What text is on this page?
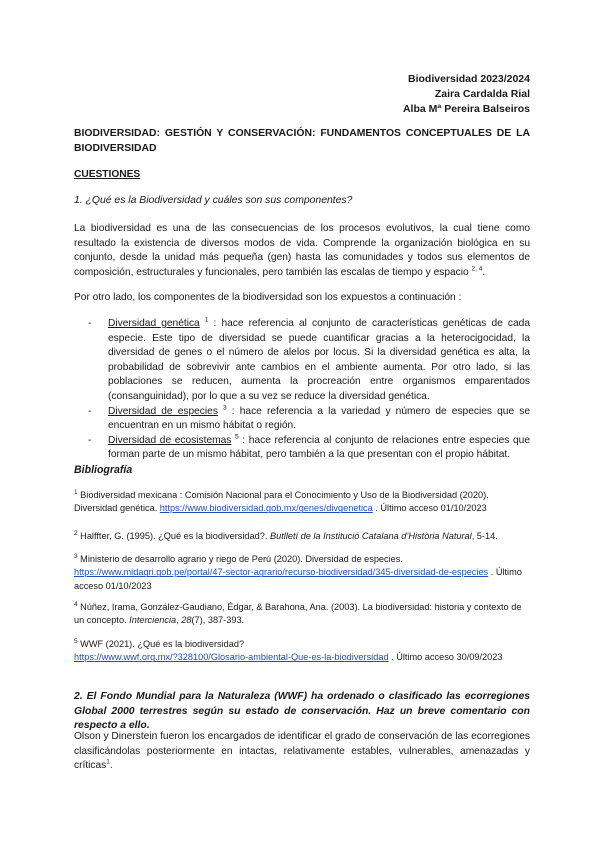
Biodiversidad 2023/2024
Zaira Cardalda Rial
Alba Mª Pereira Balseiros
BIODIVERSIDAD: GESTIÓN Y CONSERVACIÓN: FUNDAMENTOS CONCEPTUALES DE LA BIODIVERSIDAD
CUESTIONES
1. ¿Qué es la Biodiversidad y cuáles son sus componentes?
La biodiversidad es una de las consecuencias de los procesos evolutivos, la cual tiene como resultado la existencia de diversos modos de vida. Comprende la organización biológica en su conjunto, desde la unidad más pequeña (gen) hasta las comunidades y todos sus elementos de composición, estructurales y funcionales, pero también las escalas de tiempo y espacio $^{2, 4}$.
Por otro lado, los componentes de la biodiversidad son los expuestos a continuación :
- Diversidad genética $^1$ : hace referencia al conjunto de características genéticas de cada especie. Este tipo de diversidad se puede cuantificar gracias a la heterocigocidad, la diversidad de genes o el número de alelos por locus. Si la diversidad genética es alta, la probabilidad de sobrevivir ante cambios en el ambiente aumenta. Por otro lado, si las poblaciones se reducen, aumenta la procreación entre organismos emparentados (consanguinidad), por lo que a su vez se reduce la diversidad genética.
- Diversidad de especies $^3$ : hace referencia a la variedad y número de especies que se encuentran en un mismo hábitat o región.
- Diversidad de ecosistemas $^5$ : hace referencia al conjunto de relaciones entre especies que forman parte de un mismo hábitat, pero también a la que presentan con el propio hábitat.
Bibliografía
$^1$ Biodiversidad mexicana : Comisión Nacional para el Conocimiento y Uso de la Biodiversidad (2020). Diversidad genética. https://www.biodiversidad.gob.mx/genes/divgenetica . Último acceso 01/10/2023
$^2$ Halffter, G. (1995). ¿Qué es la biodiversidad?. Butlletí de la Institució Catalana d’Història Natural, 5-14.
$^3$ Ministerio de desarrollo agrario y riego de Perú (2020). Diversidad de especies.
https://www.midagri.gob.pe/portal/47-sector-agrario/recurso-biodiversidad/345-diversidad-de-especies . Último acceso 01/10/2023
$^4$ Núñez, Irama, González-Gaudiano, Édgar, & Barahona, Ana. (2003). La biodiversidad: historia y contexto de un concepto. Interciencia, 28(7), 387-393.
$^5$ WWF (2021). ¿Qué es la biodiversidad?
https://www.wwf.org.mx/?328100/Glosario-ambiental-Que-es-la-biodiversidad . Último acceso 30/09/2023
2. El Fondo Mundial para la Naturaleza (WWF) ha ordenado o clasificado las ecorregiones Global 2000 terrestres según su estado de conservación. Haz un breve comentario con respecto a ello.
Olson y Dinerstein fueron los encargados de identificar el grado de conservación de las ecorregiones clasificándolas posteriormente en intactas, relativamente estables, vulnerables, amenazadas y críticas$^1$.
